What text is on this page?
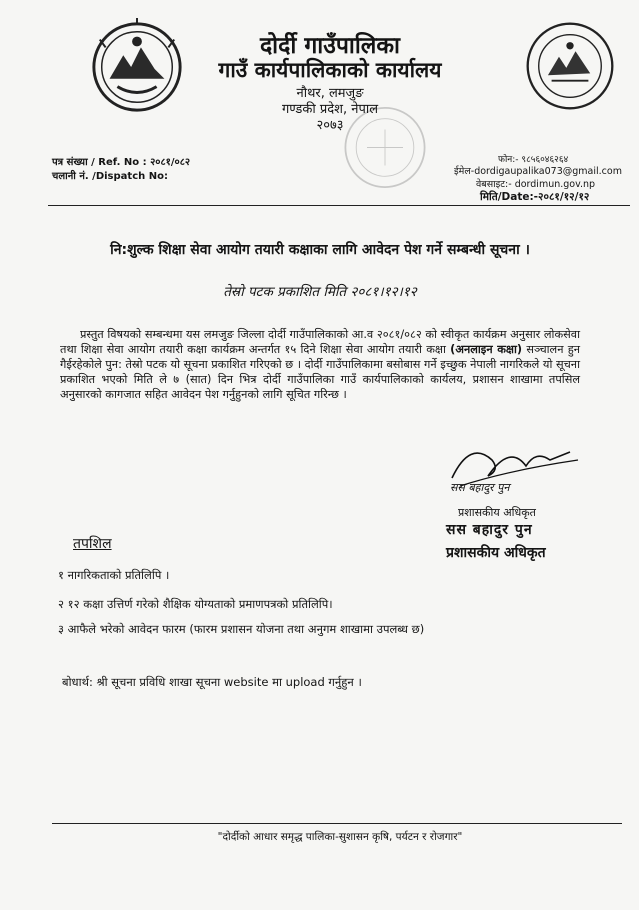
दोर्दी गाउँपालिका
गाउँ कार्यपालिकाको कार्यालय
नौथर, लमजुङ
गण्डकी प्रदेश, नेपाल
२०७३
पत्र संख्या / Ref. No : २०८१/०८२
चलानी नं. /Dispatch No:
फोन:- ९८५६०४६२६४
ईमेल-dordigaupalika073@gmail.com
वेबसाइट:- dordimun.gov.np
मिति/Date:-२०८१/१२/१२
नि:शुल्क शिक्षा सेवा आयोग तयारी कक्षाका लागि आवेदन पेश गर्ने सम्बन्धी सूचना ।
तेस्रो पटक प्रकाशित मिति २०८१।१२।१२

प्रस्तुत विषयको सम्बन्धमा यस लमजुङ जिल्ला दोर्दी गाउँपालिकाको आ.व २०८१/०८२ को स्वीकृत कार्यक्रम अनुसार लोकसेवा तथा शिक्षा सेवा आयोग तयारी कक्षा कार्यक्रम अन्तर्गत १५ दिने शिक्षा सेवा आयोग तयारी कक्षा (अनलाइन कक्षा) सञ्चालन हुन गैईरहेकोले पुन: तेस्रो पटक यो सूचना प्रकाशित गरिएको छ । दोर्दी गाउँपालिकामा बसोबास गर्ने इच्छुक नेपाली नागरिकले यो सूचना प्रकाशित भएको मिति ले ७ (सात) दिन भित्र दोर्दी गाउँपालिका गाउँ कार्यपालिकाको कार्यलय, प्रशासन शाखामा तपसिल अनुसारको कागजात सहित आवेदन पेश गर्नुहुनको लागि सूचित गरिन्छ ।

सस बहादुर पुन
प्रशासकीय अधिकृत
सस बहादुर पुन
प्रशासकीय अधिकृत
तपशिल
१ नागरिकताको प्रतिलिपि ।
२ १२ कक्षा उत्तिर्ण गरेको शैक्षिक योग्यताको प्रमाणपत्रको प्रतिलिपि।
३ आफैले भरेको आवेदन फारम (फारम प्रशासन योजना तथा अनुगम शाखामा उपलब्ध छ)
बोधार्थ: श्री सूचना प्रविधि शाखा सूचना website मा upload गर्नुहुन ।
"दोर्दीको आधार समृद्ध पालिका-सुशासन कृषि, पर्यटन र रोजगार"
